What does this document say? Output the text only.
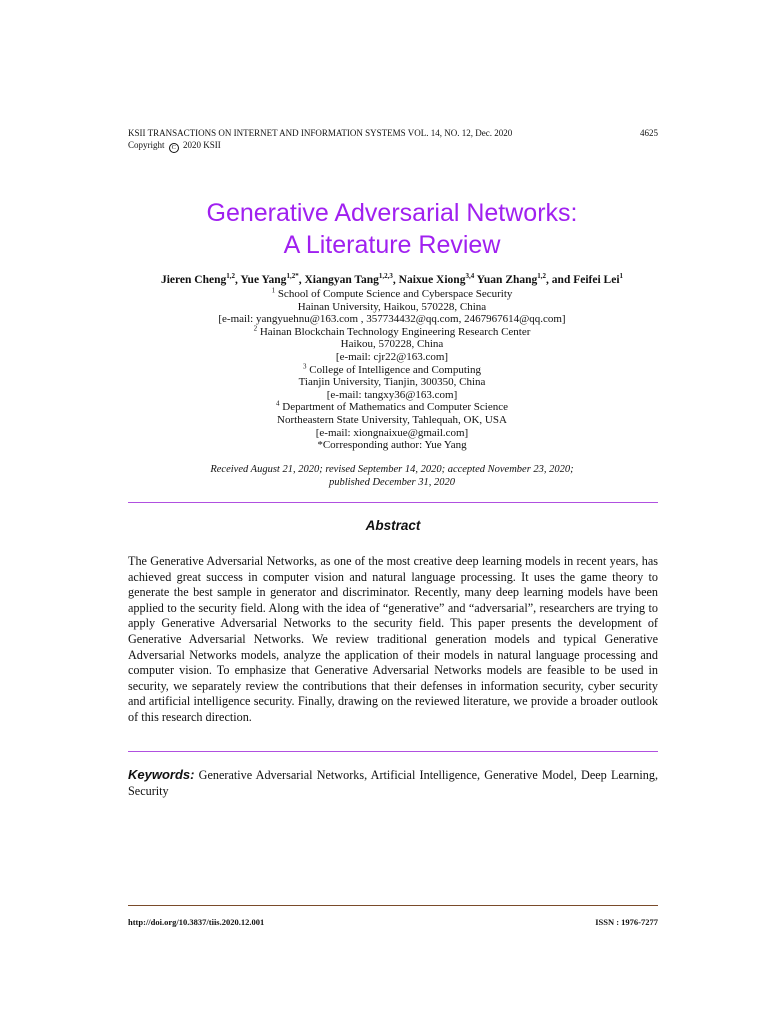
KSII TRANSACTIONS ON INTERNET AND INFORMATION SYSTEMS VOL. 14, NO. 12, Dec. 2020	4625
Copyright C 2020 KSII
Generative Adversarial Networks:
A Literature Review
Jieren Cheng$^{1,2}$, Yue Yang$^{1,2*}$, Xiangyan Tang$^{1,2,3}$, Naixue Xiong$^{3,4}$ Yuan Zhang$^{1,2}$, and Feifei Lei$^1$
$^1$ School of Compute Science and Cyberspace Security
Hainan University, Haikou, 570228, China
[e-mail: yangyuehnu@163.com , 357734432@qq.com, 2467967614@qq.com]
$^2$ Hainan Blockchain Technology Engineering Research Center
Haikou, 570228, China
[e-mail: cjr22@163.com]
$^3$ College of Intelligence and Computing
Tianjin University, Tianjin, 300350, China
[e-mail: tangxy36@163.com]
$^4$ Department of Mathematics and Computer Science
Northeastern State University, Tahlequah, OK, USA
[e-mail: xiongnaixue@gmail.com]
*Corresponding author: Yue Yang
Received August 21, 2020; revised September 14, 2020; accepted November 23, 2020;
published December 31, 2020
Abstract
The Generative Adversarial Networks, as one of the most creative deep learning models in recent years, has achieved great success in computer vision and natural language processing. It uses the game theory to generate the best sample in generator and discriminator. Recently, many deep learning models have been applied to the security field. Along with the idea of “generative” and “adversarial”, researchers are trying to apply Generative Adversarial Networks to the security field. This paper presents the development of Generative Adversarial Networks. We review traditional generation models and typical Generative Adversarial Networks models, analyze the application of their models in natural language processing and computer vision. To emphasize that Generative Adversarial Networks models are feasible to be used in security, we separately review the contributions that their defenses in information security, cyber security and artificial intelligence security. Finally, drawing on the reviewed literature, we provide a broader outlook of this research direction.
Keywords: Generative Adversarial Networks, Artificial Intelligence, Generative Model, Deep Learning, Security
http://doi.org/10.3837/tiis.2020.12.001	ISSN : 1976-7277
